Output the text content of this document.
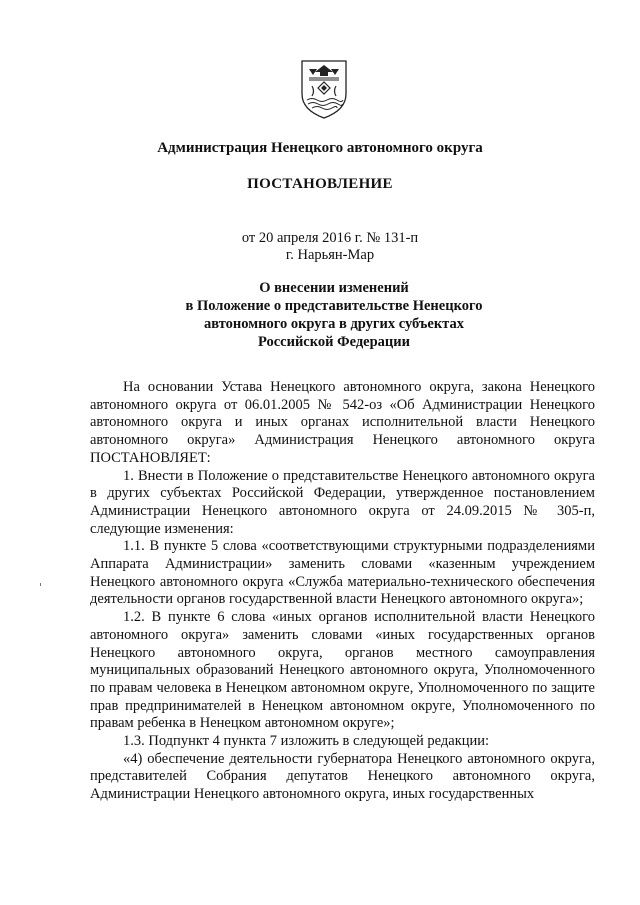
Администрация Ненецкого автономного округа
ПОСТАНОВЛЕНИЕ
от 20 апреля 2016 г. № 131-п
г. Нарьян-Мар
О внесении изменений
в Положение о представительстве Ненецкого
автономного округа в других субъектах
Российской Федерации

На основании Устава Ненецкого автономного округа, закона Ненецкого автономного округа от 06.01.2005 № 542-оз «Об Администрации Ненецкого автономного округа и иных органах исполнительной власти Ненецкого автономного округа» Администрация Ненецкого автономного округа ПОСТАНОВЛЯЕТ:

1. Внести в Положение о представительстве Ненецкого автономного округа в других субъектах Российской Федерации, утвержденное постановлением Администрации Ненецкого автономного округа от 24.09.2015 № 305-п, следующие изменения:

1.1. В пункте 5 слова «соответствующими структурными подразделениями Аппарата Администрации» заменить словами «казенным учреждением Ненецкого автономного округа «Служба материально-технического обеспечения деятельности органов государственной власти Ненецкого автономного округа»;

1.2. В пункте 6 слова «иных органов исполнительной власти Ненецкого автономного округа» заменить словами «иных государственных органов Ненецкого автономного округа, органов местного самоуправления муниципальных образований Ненецкого автономного округа, Уполномоченного по правам человека в Ненецком автономном округе, Уполномоченного по защите прав предпринимателей в Ненецком автономном округе, Уполномоченного по правам ребенка в Ненецком автономном округе»;

1.3. Подпункт 4 пункта 7 изложить в следующей редакции:

«4) обеспечение деятельности губернатора Ненецкого автономного округа, представителей Собрания депутатов Ненецкого автономного округа, Администрации Ненецкого автономного округа, иных государственных
